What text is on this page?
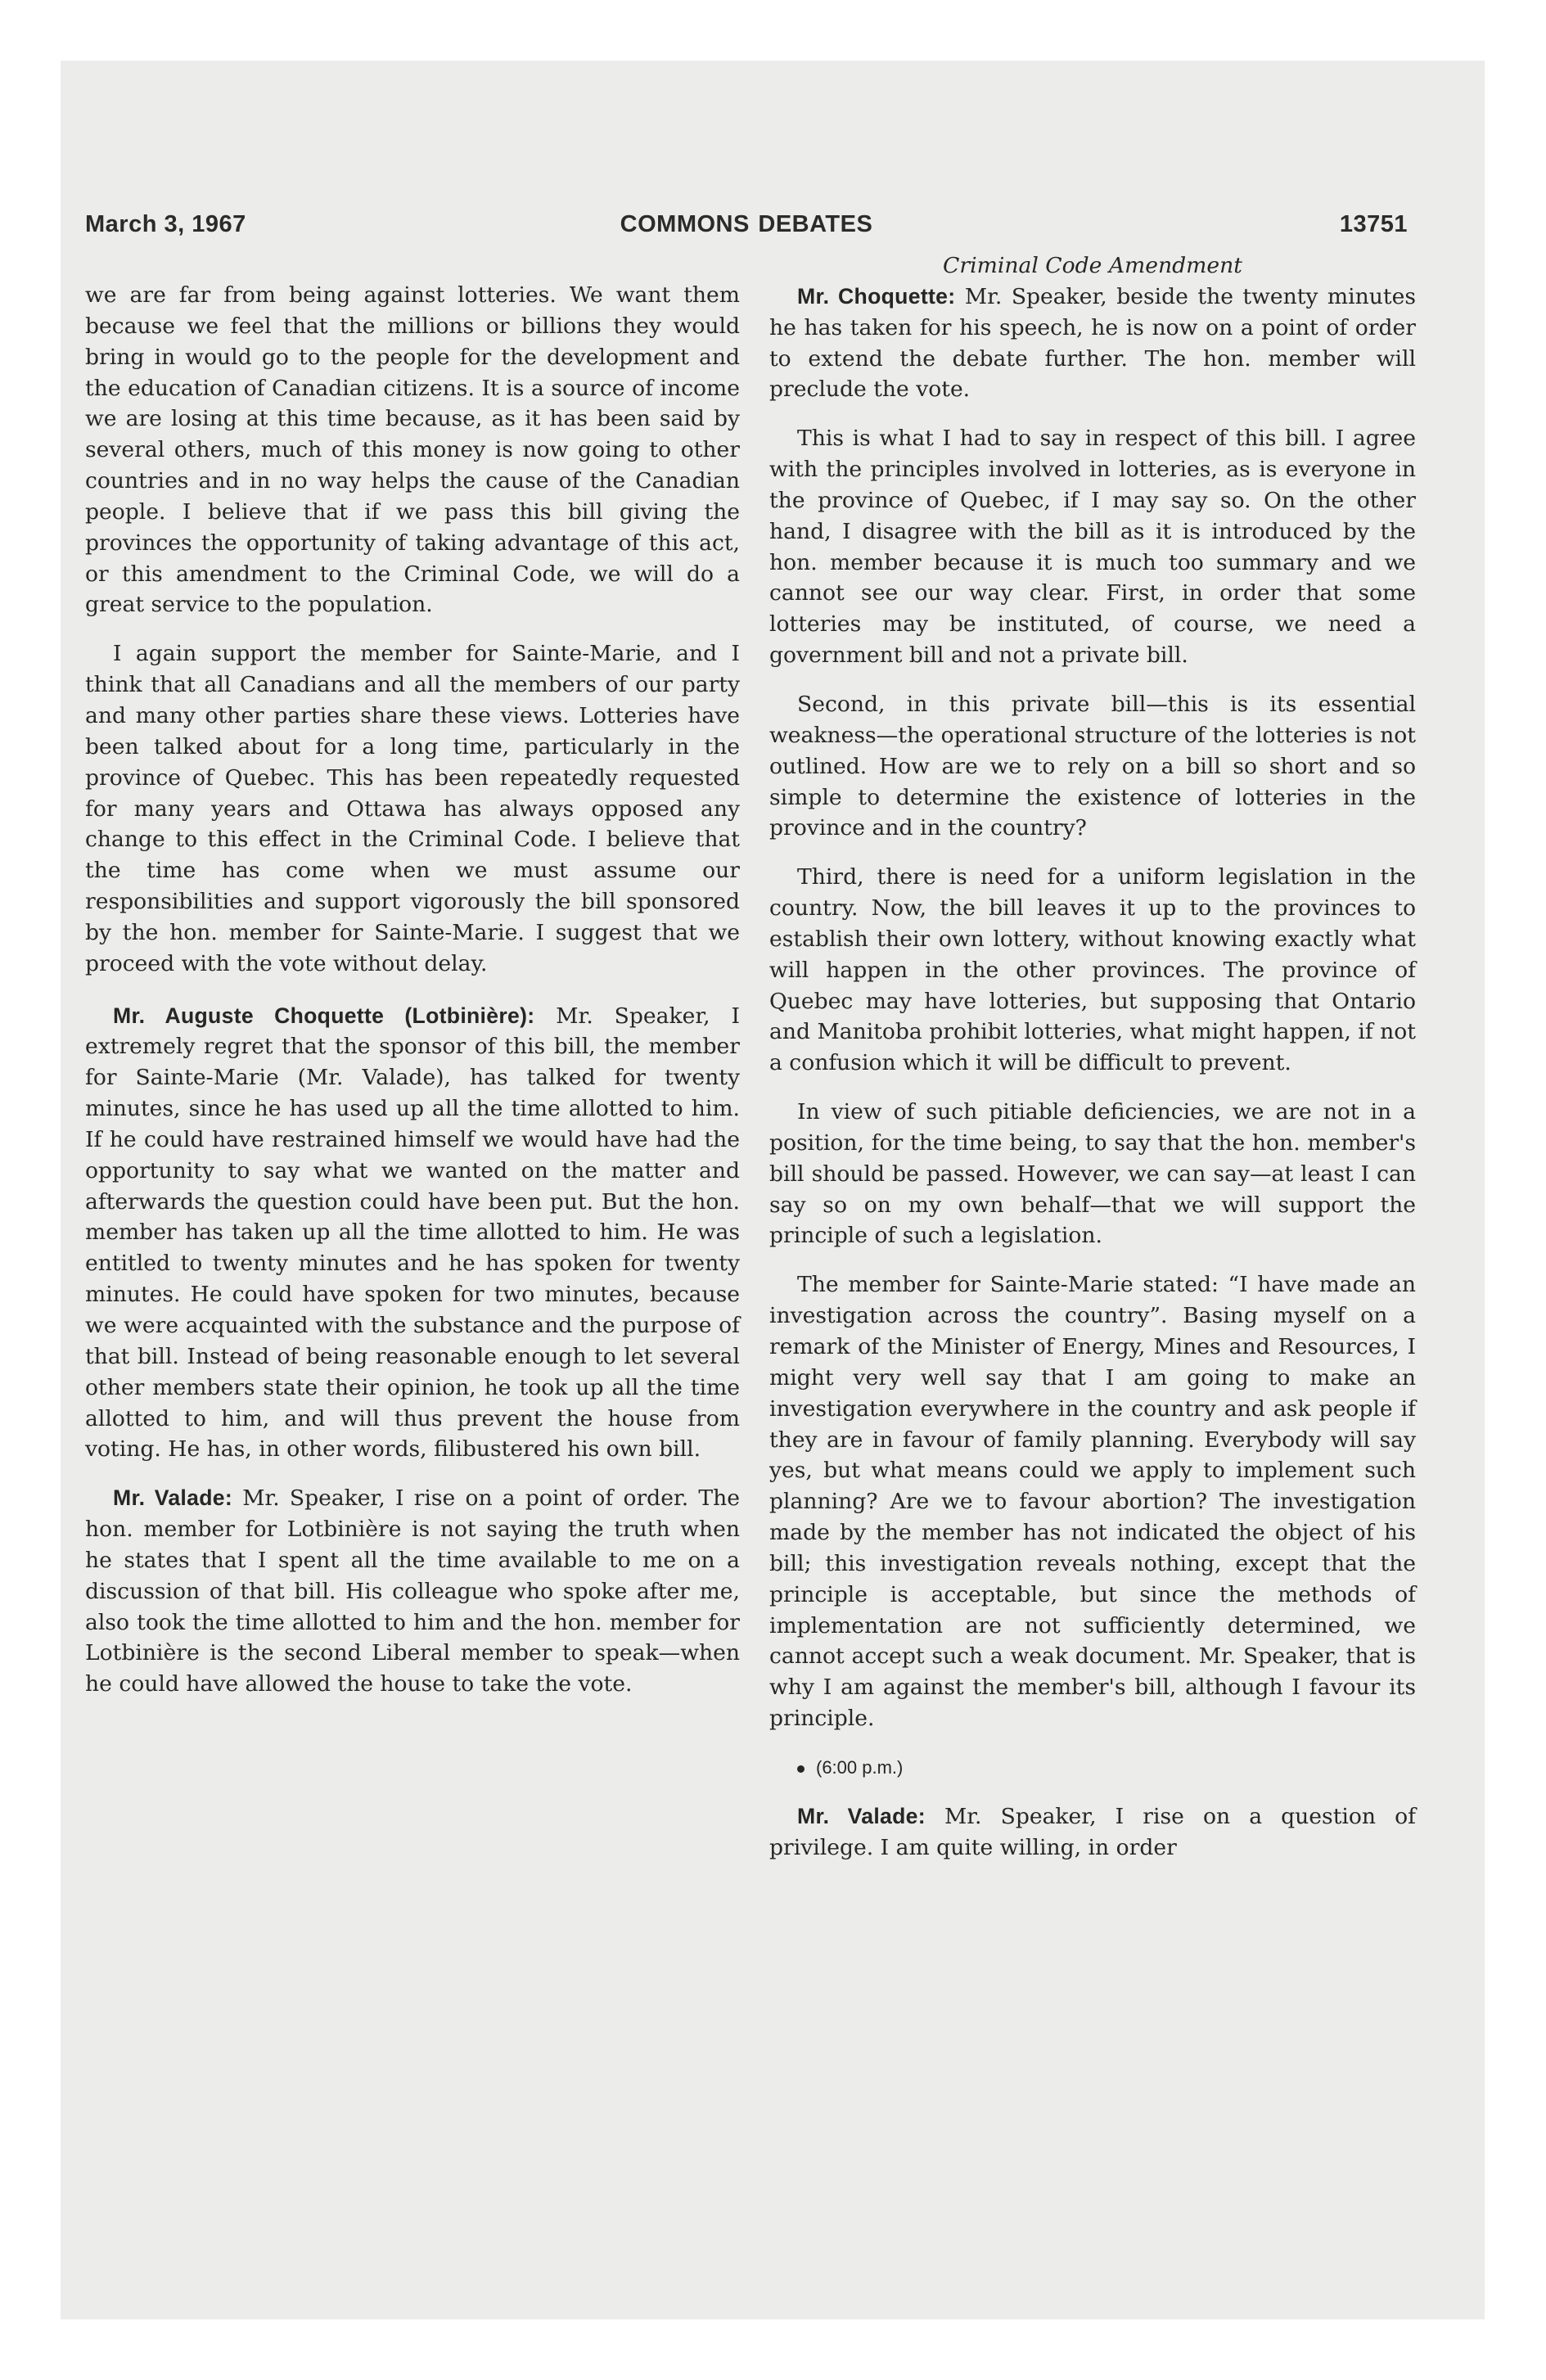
March 3, 1967	COMMONS DEBATES	13751

we are far from being against lotteries. We want them because we feel that the millions or billions they would bring in would go to the people for the development and the education of Canadian citizens. It is a source of income we are losing at this time because, as it has been said by several others, much of this money is now going to other countries and in no way helps the cause of the Canadian people. I believe that if we pass this bill giving the provinces the opportunity of taking advantage of this act, or this amendment to the Criminal Code, we will do a great service to the population.

I again support the member for Sainte-Marie, and I think that all Canadians and all the members of our party and many other parties share these views. Lotteries have been talked about for a long time, particularly in the province of Quebec. This has been repeatedly requested for many years and Ottawa has always opposed any change to this effect in the Criminal Code. I believe that the time has come when we must assume our responsibilities and support vigorously the bill sponsored by the hon. member for Sainte-Marie. I suggest that we proceed with the vote without delay.

Mr. Auguste Choquette (Lotbinière): Mr. Speaker, I extremely regret that the sponsor of this bill, the member for Sainte-Marie (Mr. Valade), has talked for twenty minutes, since he has used up all the time allotted to him. If he could have restrained himself we would have had the opportunity to say what we wanted on the matter and afterwards the question could have been put. But the hon. member has taken up all the time allotted to him. He was entitled to twenty minutes and he has spoken for twenty minutes. He could have spoken for two minutes, because we were acquainted with the substance and the purpose of that bill. Instead of being reasonable enough to let several other members state their opinion, he took up all the time allotted to him, and will thus prevent the house from voting. He has, in other words, filibustered his own bill.

Mr. Valade: Mr. Speaker, I rise on a point of order. The hon. member for Lotbinière is not saying the truth when he states that I spent all the time available to me on a discussion of that bill. His colleague who spoke after me, also took the time allotted to him and the hon. member for Lotbinière is the second Liberal member to speak—when he could have allowed the house to take the vote.

Criminal Code Amendment

Mr. Choquette: Mr. Speaker, beside the twenty minutes he has taken for his speech, he is now on a point of order to extend the debate further. The hon. member will preclude the vote.

This is what I had to say in respect of this bill. I agree with the principles involved in lotteries, as is everyone in the province of Quebec, if I may say so. On the other hand, I disagree with the bill as it is introduced by the hon. member because it is much too summary and we cannot see our way clear. First, in order that some lotteries may be instituted, of course, we need a government bill and not a private bill.

Second, in this private bill—this is its essential weakness—the operational structure of the lotteries is not outlined. How are we to rely on a bill so short and so simple to determine the existence of lotteries in the province and in the country?

Third, there is need for a uniform legislation in the country. Now, the bill leaves it up to the provinces to establish their own lottery, without knowing exactly what will happen in the other provinces. The province of Quebec may have lotteries, but supposing that Ontario and Manitoba prohibit lotteries, what might happen, if not a confusion which it will be difficult to prevent.

In view of such pitiable deficiencies, we are not in a position, for the time being, to say that the hon. member's bill should be passed. However, we can say—at least I can say so on my own behalf—that we will support the principle of such a legislation.

The member for Sainte-Marie stated: “I have made an investigation across the country”. Basing myself on a remark of the Minister of Energy, Mines and Resources, I might very well say that I am going to make an investigation everywhere in the country and ask people if they are in favour of family planning. Everybody will say yes, but what means could we apply to implement such planning? Are we to favour abortion? The investigation made by the member has not indicated the object of his bill; this investigation reveals nothing, except that the principle is acceptable, but since the methods of implementation are not sufficiently determined, we cannot accept such a weak document. Mr. Speaker, that is why I am against the member's bill, although I favour its principle.

(6:00 p.m.)

Mr. Valade: Mr. Speaker, I rise on a question of privilege. I am quite willing, in order
